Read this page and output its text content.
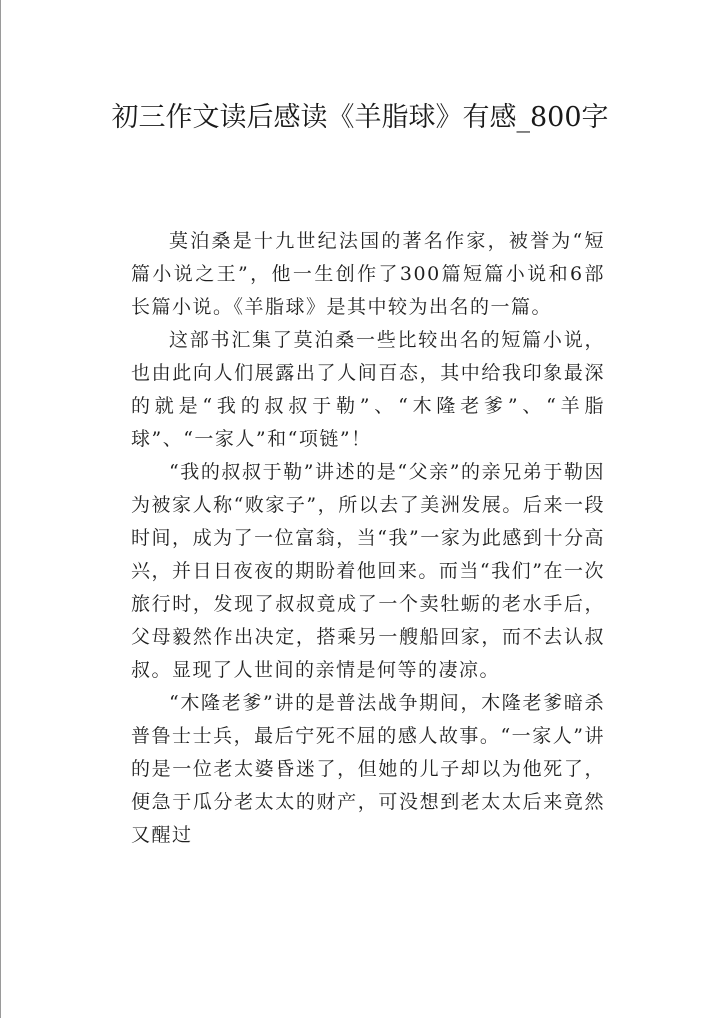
初三作文读后感读《羊脂球》有感_800字

莫泊桑是十九世纪法国的著名作家，被誉为“短篇小说之王”，他一生创作了300篇短篇小说和6部长篇小说。《羊脂球》是其中较为出名的一篇。

这部书汇集了莫泊桑一些比较出名的短篇小说，也由此向人们展露出了人间百态，其中给我印象最深的就是“我的叔叔于勒”、“木隆老爹”、“羊脂球”、“一家人”和“项链”！

“我的叔叔于勒”讲述的是“父亲”的亲兄弟于勒因为被家人称“败家子”，所以去了美洲发展。后来一段时间，成为了一位富翁，当“我”一家为此感到十分高兴，并日日夜夜的期盼着他回来。而当“我们”在一次旅行时，发现了叔叔竟成了一个卖牡蛎的老水手后，父母毅然作出决定，搭乘另一艘船回家，而不去认叔叔。显现了人世间的亲情是何等的凄凉。

“木隆老爹”讲的是普法战争期间，木隆老爹暗杀普鲁士士兵，最后宁死不屈的感人故事。“一家人”讲的是一位老太婆昏迷了，但她的儿子却以为他死了，便急于瓜分老太太的财产，可没想到老太太后来竟然又醒过
